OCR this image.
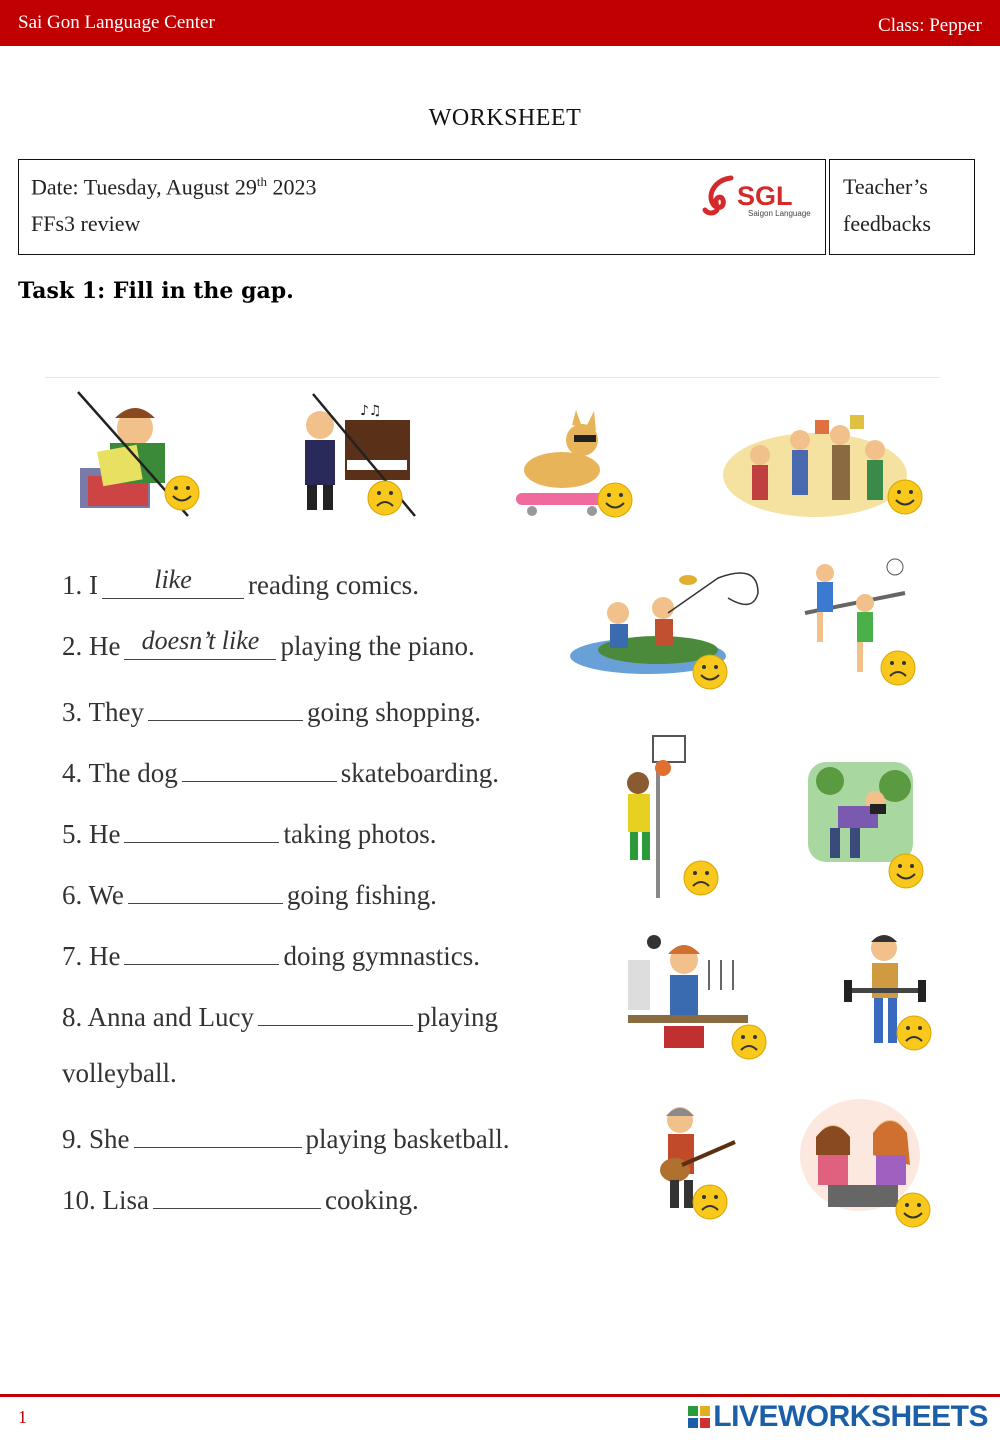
Sai Gon Language Center	Class: Pepper
WORKSHEET
Date: Tuesday, August 29th 2023
FFs3 review
SGL
Saigon Language
Teacher’s
feedbacks
Task 1: Fill in the gap.
♪♫
1. I like reading comics.
2. He doesn’t like playing the piano.
3. They	going shopping.
4. The dog	skateboarding.
5. He	taking photos.
6. We	going fishing.
7. He	doing gymnastics.
8. Anna and Lucy	playing
volleyball.
9. She	playing basketball.
10. Lisa	cooking.
1	LIVEWORKSHEETS
